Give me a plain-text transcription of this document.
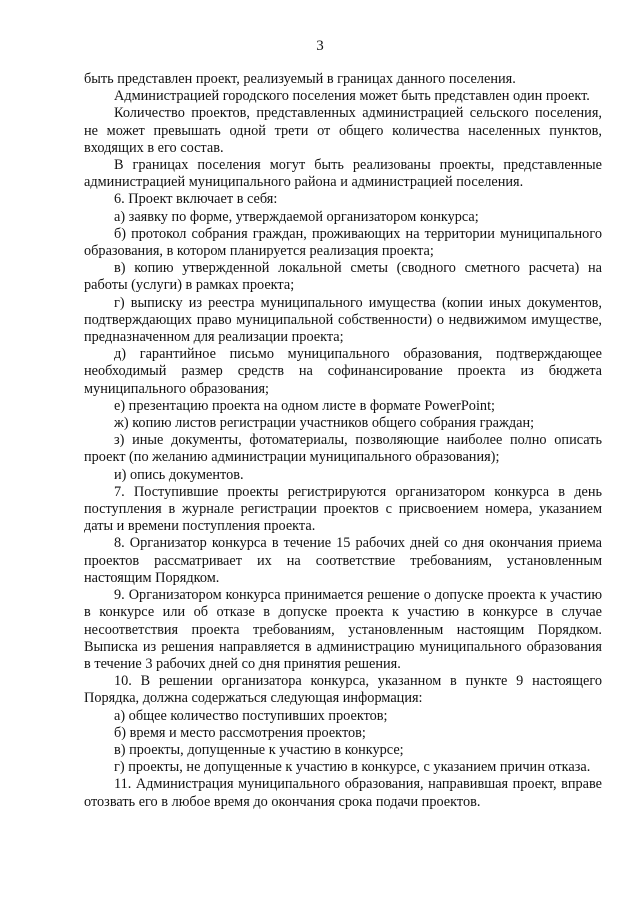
3

быть представлен проект, реализуемый в границах данного поселения.

Администрацией городского поселения может быть представлен один проект.

Количество проектов, представленных администрацией сельского поселения, не может превышать одной трети от общего количества населенных пунктов, входящих в его состав.

В границах поселения могут быть реализованы проекты, представленные администрацией муниципального района и администрацией поселения.

6. Проект включает в себя:

а) заявку по форме, утверждаемой организатором конкурса;

б) протокол собрания граждан, проживающих на территории муниципального образования, в котором планируется реализация проекта;

в) копию утвержденной локальной сметы (сводного сметного расчета) на работы (услуги) в рамках проекта;

г) выписку из реестра муниципального имущества (копии иных документов, подтверждающих право муниципальной собственности) о недвижимом имуществе, предназначенном для реализации проекта;

д) гарантийное письмо муниципального образования, подтверждающее необходимый размер средств на софинансирование проекта из бюджета муниципального образования;

е) презентацию проекта на одном листе в формате PowerPoint;

ж) копию листов регистрации участников общего собрания граждан;

з) иные документы, фотоматериалы, позволяющие наиболее полно описать проект (по желанию администрации муниципального образования);

и) опись документов.

7. Поступившие проекты регистрируются организатором конкурса в день поступления в журнале регистрации проектов с присвоением номера, указанием даты и времени поступления проекта.

8. Организатор конкурса в течение 15 рабочих дней со дня окончания приема проектов рассматривает их на соответствие требованиям, установленным настоящим Порядком.

9. Организатором конкурса принимается решение о допуске проекта к участию в конкурсе или об отказе в допуске проекта к участию в конкурсе в случае несоответствия проекта требованиям, установленным настоящим Порядком. Выписка из решения направляется в администрацию муниципального образования в течение 3 рабочих дней со дня принятия решения.

10. В решении организатора конкурса, указанном в пункте 9 настоящего Порядка, должна содержаться следующая информация:

а) общее количество поступивших проектов;

б) время и место рассмотрения проектов;

в) проекты, допущенные к участию в конкурсе;

г) проекты, не допущенные к участию в конкурсе, с указанием причин отказа.

11. Администрация муниципального образования, направившая проект, вправе отозвать его в любое время до окончания срока подачи проектов.
